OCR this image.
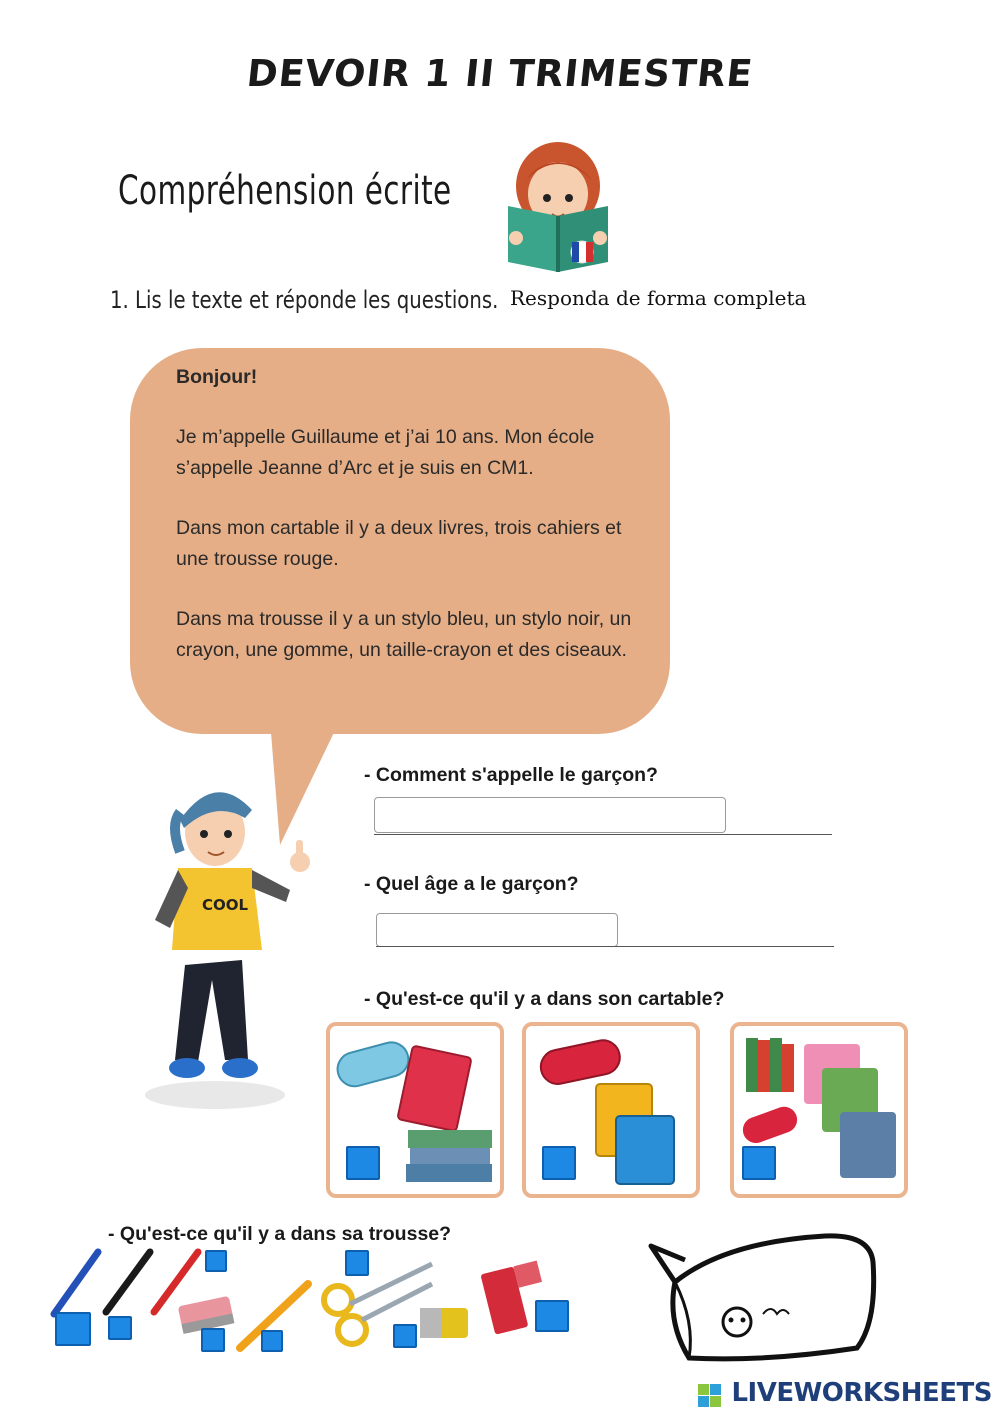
DEVOIR 1 II TRIMESTRE
Compréhension écrite
1. Lis le texte et réponde les questions. Responda de forma completa

Bonjour!

Je m’appelle Guillaume et j’ai 10 ans. Mon école s’appelle Jeanne d’Arc et je suis en CM1.

Dans mon cartable il y a deux livres, trois cahiers et une trousse rouge.

Dans ma trousse il y a un stylo bleu, un stylo noir, un crayon, une gomme, un taille-crayon et des ciseaux.

COOL
- Comment s'appelle le garçon?
- Quel âge a le garçon?
- Qu'est-ce qu'il y a dans son cartable?
- Qu'est-ce qu'il y a dans sa trousse?
LIVEWORKSHEETS
